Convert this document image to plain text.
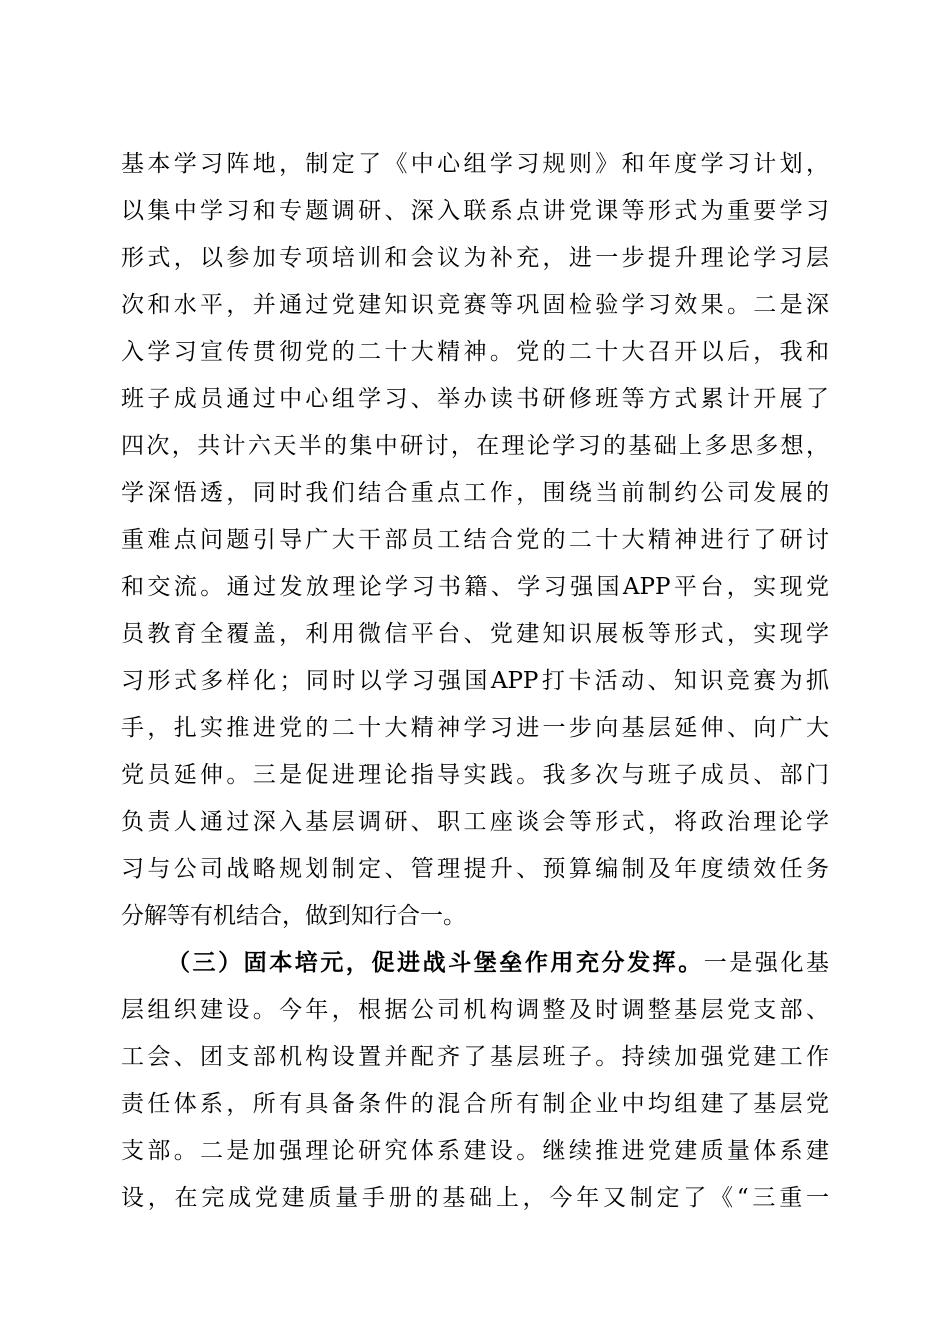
基本学习阵地，制定了《中心组学习规则》和年度学习计划，
以集中学习和专题调研、深入联系点讲党课等形式为重要学习
形式，以参加专项培训和会议为补充，进一步提升理论学习层
次和水平，并通过党建知识竞赛等巩固检验学习效果。二是深
入学习宣传贯彻党的二十大精神。党的二十大召开以后，我和
班子成员通过中心组学习、举办读书研修班等方式累计开展了
四次，共计六天半的集中研讨，在理论学习的基础上多思多想，
学深悟透，同时我们结合重点工作，围绕当前制约公司发展的
重难点问题引导广大干部员工结合党的二十大精神进行了研讨
和交流。通过发放理论学习书籍、学习强国APP平台，实现党
员教育全覆盖，利用微信平台、党建知识展板等形式，实现学
习形式多样化；同时以学习强国APP打卡活动、知识竞赛为抓
手，扎实推进党的二十大精神学习进一步向基层延伸、向广大
党员延伸。三是促进理论指导实践。我多次与班子成员、部门
负责人通过深入基层调研、职工座谈会等形式，将政治理论学
习与公司战略规划制定、管理提升、预算编制及年度绩效任务
分解等有机结合，做到知行合一。
（三）固本培元，促进战斗堡垒作用充分发挥。一是强化基
层组织建设。今年，根据公司机构调整及时调整基层党支部、
工会、团支部机构设置并配齐了基层班子。持续加强党建工作
责任体系，所有具备条件的混合所有制企业中均组建了基层党
支部。二是加强理论研究体系建设。继续推进党建质量体系建
设，在完成党建质量手册的基础上，今年又制定了《“三重一
